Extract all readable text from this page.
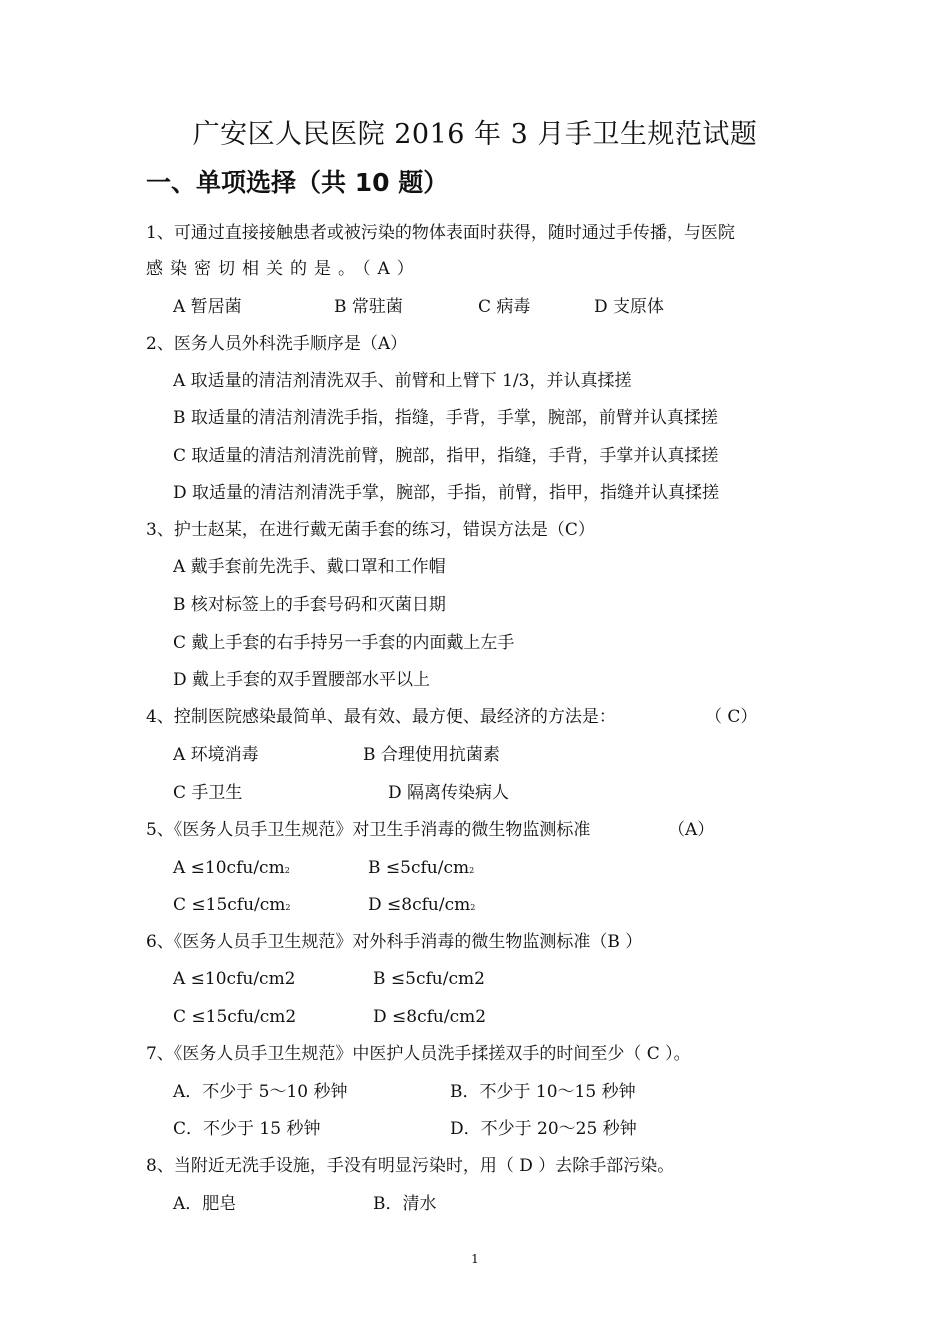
广安区人民医院 2016 年 3 月手卫生规范试题
一、单项选择（共 10 题）
1、可通过直接接触患者或被污染的物体表面时获得，随时通过手传播，与医院
感染密切相关的是。（A）
A 暂居菌	B 常驻菌	C 病毒	D 支原体
2、医务人员外科洗手顺序是（A）
A 取适量的清洁剂清洗双手、前臂和上臂下 1/3，并认真揉搓
B 取适量的清洁剂清洗手指，指缝，手背，手掌，腕部，前臂并认真揉搓
C 取适量的清洁剂清洗前臂，腕部，指甲，指缝，手背，手掌并认真揉搓
D 取适量的清洁剂清洗手掌，腕部，手指，前臂，指甲，指缝并认真揉搓
3、护士赵某，在进行戴无菌手套的练习，错误方法是（C）
A 戴手套前先洗手、戴口罩和工作帽
B 核对标签上的手套号码和灭菌日期
C 戴上手套的右手持另一手套的内面戴上左手
D 戴上手套的双手置腰部水平以上
4、控制医院感染最简单、最有效、最方便、最经济的方法是：	（ C）
A 环境消毒	B 合理使用抗菌素
C 手卫生	D 隔离传染病人
5、《医务人员手卫生规范》对卫生手消毒的微生物监测标准	（A）
A ≤10cfu/cm2	B ≤5cfu/cm2
C ≤15cfu/cm2	D ≤8cfu/cm2
6、《医务人员手卫生规范》对外科手消毒的微生物监测标准（B ）
A ≤10cfu/cm2	B ≤5cfu/cm2
C ≤15cfu/cm2	D ≤8cfu/cm2
7、《医务人员手卫生规范》中医护人员洗手揉搓双手的时间至少（ C ）。
A．不少于 5～10 秒钟	B．不少于 10～15 秒钟
C．不少于 15 秒钟	D．不少于 20～25 秒钟
8、当附近无洗手设施，手没有明显污染时，用（ D ）去除手部污染。
A．肥皂	B．清水
1
